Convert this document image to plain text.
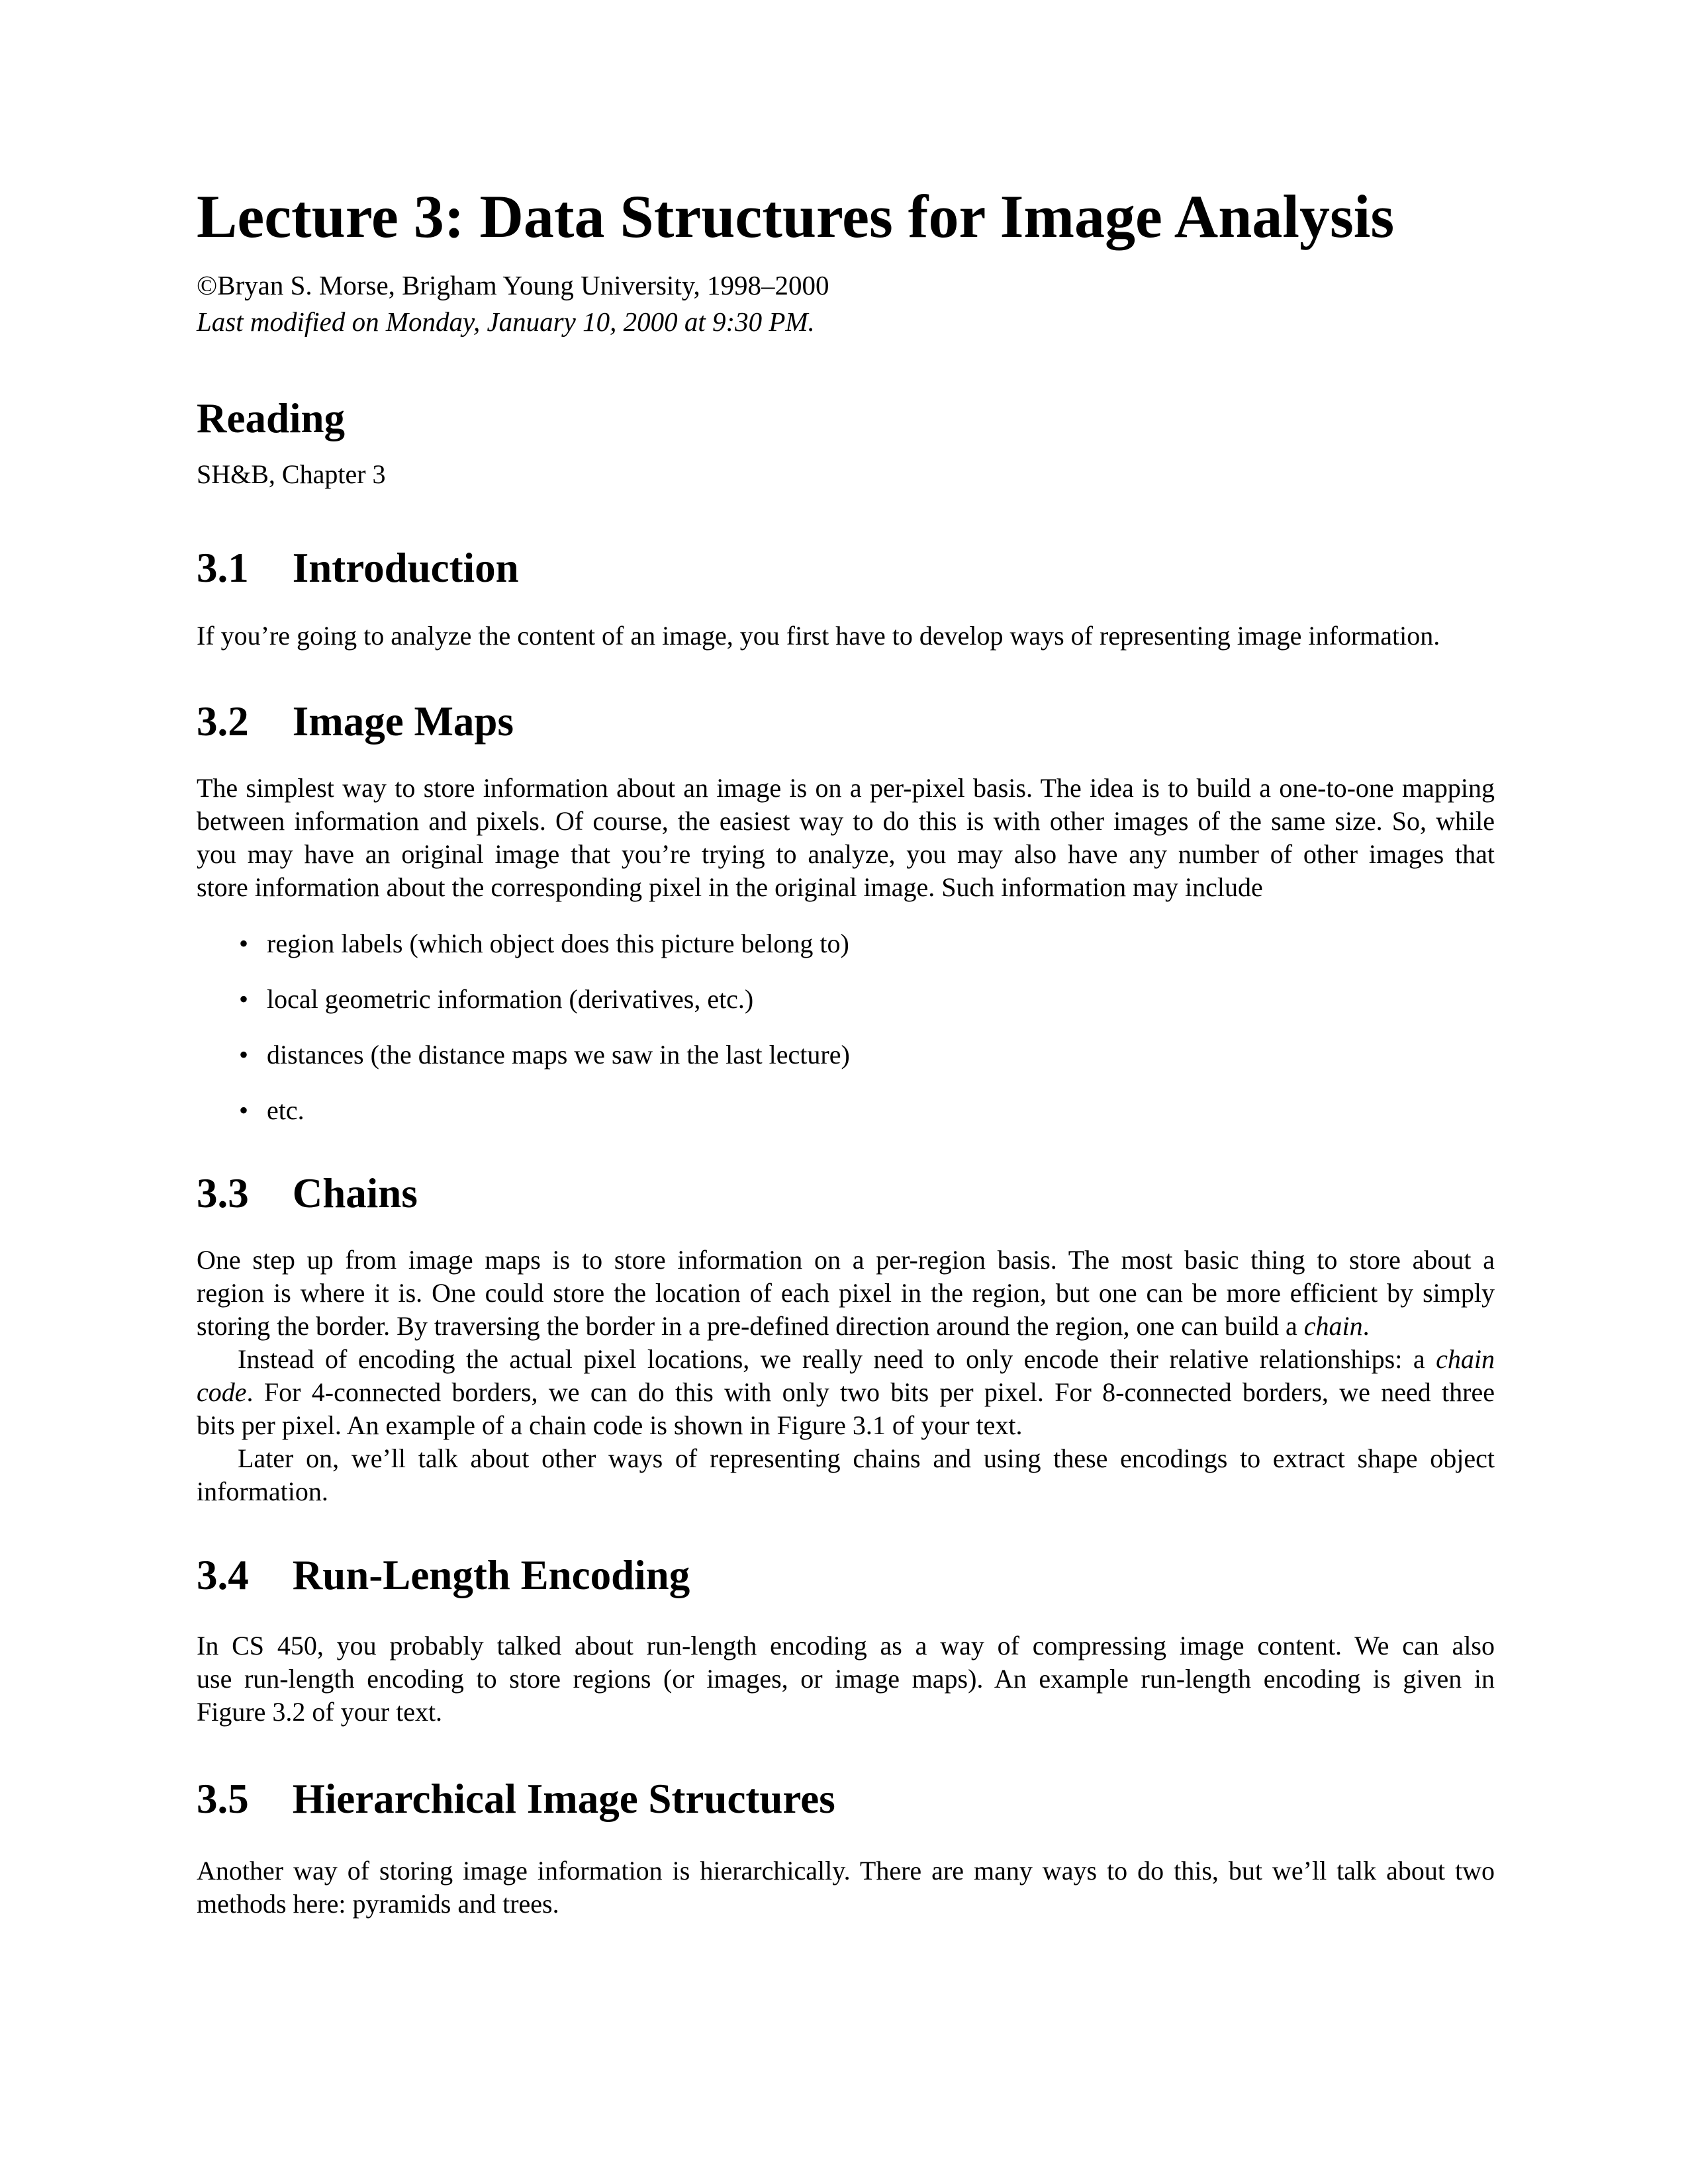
Lecture 3: Data Structures for Image Analysis
©Bryan S. Morse, Brigham Young University, 1998–2000
Last modified on Monday, January 10, 2000 at 9:30 PM.
Reading

SH&B, Chapter 3

3.1 Introduction
If you’re going to analyze the content of an image, you first have to develop ways of representing image information.
3.2 Image Maps
The simplest way to store information about an image is on a per-pixel basis. The idea is to build a one-to-one mapping
between information and pixels. Of course, the easiest way to do this is with other images of the same size. So, while
you may have an original image that you’re trying to analyze, you may also have any number of other images that
store information about the corresponding pixel in the original image. Such information may include
• region labels (which object does this picture belong to)
• local geometric information (derivatives, etc.)
• distances (the distance maps we saw in the last lecture)
• etc.
3.3 Chains
One step up from image maps is to store information on a per-region basis. The most basic thing to store about a
region is where it is. One could store the location of each pixel in the region, but one can be more efficient by simply
storing the border. By traversing the border in a pre-defined direction around the region, one can build a chain.
Instead of encoding the actual pixel locations, we really need to only encode their relative relationships: a chain
code. For 4-connected borders, we can do this with only two bits per pixel. For 8-connected borders, we need three
bits per pixel. An example of a chain code is shown in Figure 3.1 of your text.
Later on, we’ll talk about other ways of representing chains and using these encodings to extract shape object
information.
3.4 Run-Length Encoding
In CS 450, you probably talked about run-length encoding as a way of compressing image content. We can also
use run-length encoding to store regions (or images, or image maps). An example run-length encoding is given in
Figure 3.2 of your text.
3.5 Hierarchical Image Structures
Another way of storing image information is hierarchically. There are many ways to do this, but we’ll talk about two
methods here: pyramids and trees.
